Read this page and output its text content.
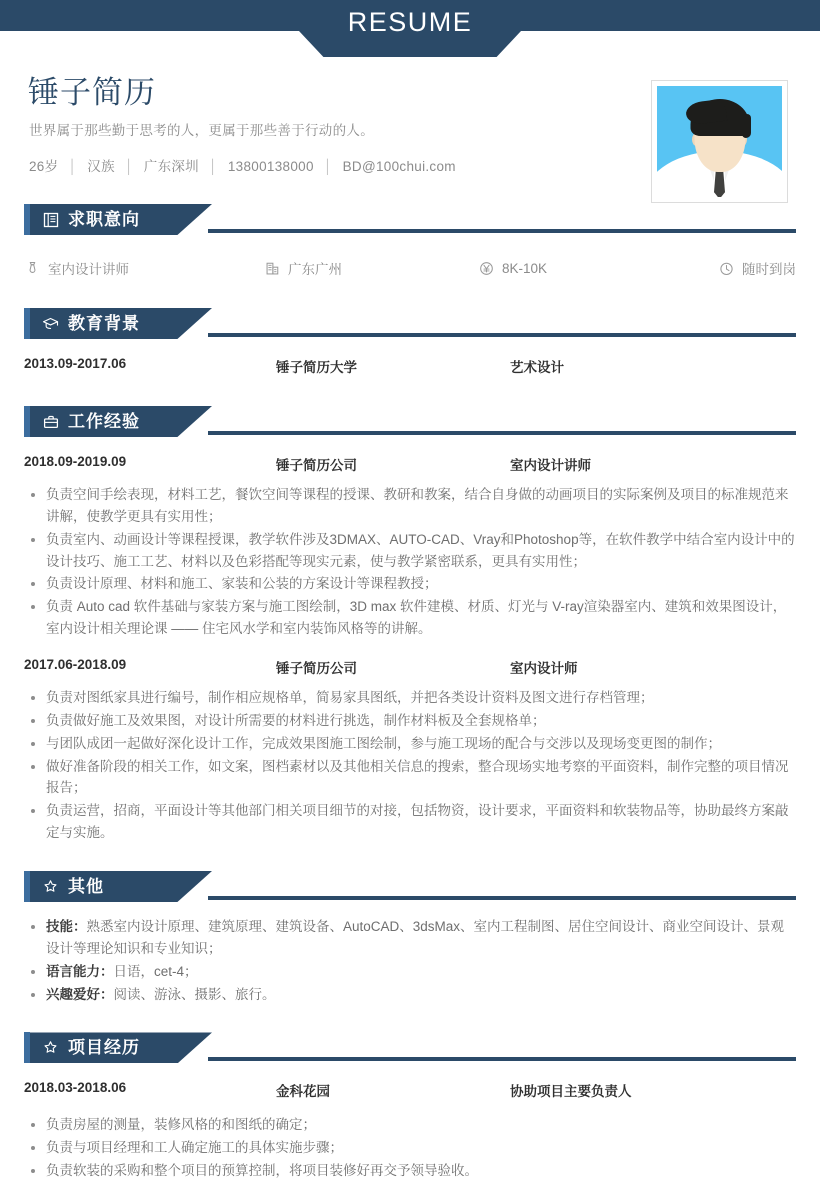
RESUME
锤子简历
世界属于那些勤于思考的人，更属于那些善于行动的人。
26岁 │ 汉族 │ 广东深圳 │ 13800138000 │ BD@100chui.com
求职意向
室内设计讲师	广东广州	8K-10K	随时到岗
教育背景
2013.09-2017.06	锤子简历大学	艺术设计
工作经验
2018.09-2019.09	锤子简历公司	室内设计讲师
负责空间手绘表现，材料工艺，餐饮空间等课程的授课、教研和教案，结合自身做的动画项目的实际案例及项目的标准规范来讲解，使教学更具有实用性；
负责室内、动画设计等课程授课，教学软件涉及3DMAX、AUTO-CAD、Vray和Photoshop等，在软件教学中结合室内设计中的设计技巧、施工工艺、材料以及色彩搭配等现实元素，使与教学紧密联系，更具有实用性；
负责设计原理、材料和施工、家装和公装的方案设计等课程教授；
负责 Auto cad 软件基础与家装方案与施工图绘制，3D max 软件建模、材质、灯光与 V-ray渲染器室内、建筑和效果图设计，室内设计相关理论课 —— 住宅风水学和室内装饰风格等的讲解。
2017.06-2018.09	锤子简历公司	室内设计师
负责对图纸家具进行编号，制作相应规格单，简易家具图纸，并把各类设计资料及图文进行存档管理；
负责做好施工及效果图，对设计所需要的材料进行挑选，制作材料板及全套规格单；
与团队成团一起做好深化设计工作，完成效果图施工图绘制，参与施工现场的配合与交涉以及现场变更图的制作；
做好准备阶段的相关工作，如文案，图档素材以及其他相关信息的搜索，整合现场实地考察的平面资料，制作完整的项目情况报告；
负责运营，招商，平面设计等其他部门相关项目细节的对接，包括物资，设计要求，平面资料和软装物品等，协助最终方案敲定与实施。
其他
技能：熟悉室内设计原理、建筑原理、建筑设备、AutoCAD、3dsMax、室内工程制图、居住空间设计、商业空间设计、景观设计等理论知识和专业知识；
语言能力：日语，cet-4；
兴趣爱好：阅读、游泳、摄影、旅行。
项目经历
2018.03-2018.06	金科花园	协助项目主要负责人
负责房屋的测量，装修风格的和图纸的确定；
负责与项目经理和工人确定施工的具体实施步骤；
负责软装的采购和整个项目的预算控制，将项目装修好再交予领导验收。
